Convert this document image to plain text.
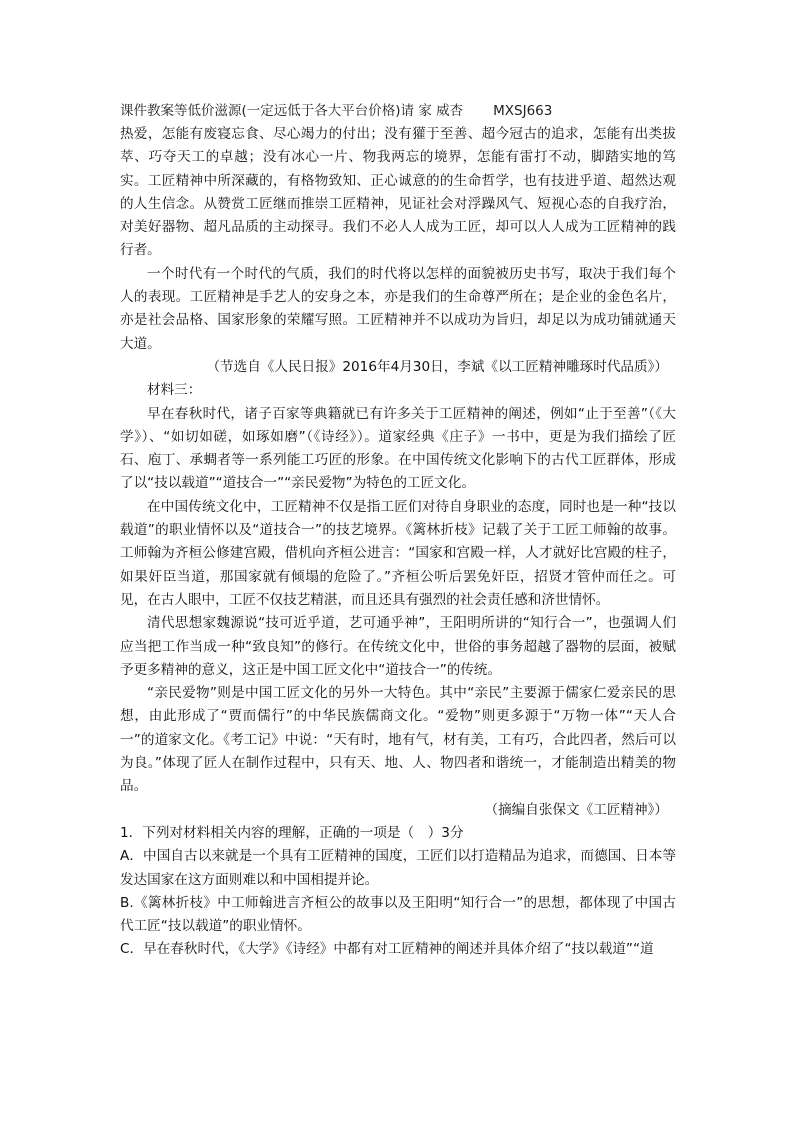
课件教案等低价滋源(一定远低于各大平台价格)请 家 威杏 MXSJ663

热爱，怎能有废寝忘食、尽心竭力的付出；没有獾于至善、超今冠古的追求，怎能有出类拔萃、巧夺天工的卓越；没有冰心一片、物我两忘的境界，怎能有雷打不动，脚踏实地的笃实。工匠精神中所深藏的，有格物致知、正心诚意的的生命哲学，也有技进乎道、超然达观的人生信念。从赞赏工匠继而推崇工匠精神，见证社会对浮躁风气、短视心态的自我疗治，对美好器物、超凡品质的主动探寻。我们不必人人成为工匠，却可以人人成为工匠精神的践行者。

一个时代有一个时代的气质，我们的时代将以怎样的面貌被历史书写，取决于我们每个人的表现。工匠精神是手艺人的安身之本，亦是我们的生命尊严所在；是企业的金色名片，亦是社会品格、国家形象的荣耀写照。工匠精神并不以成功为旨归，却足以为成功铺就通天大道。

（节选自《人民日报》2016年4月30日，李斌《以工匠精神雕琢时代品质》）

材料三：

早在春秋时代，诸子百家等典籍就已有许多关于工匠精神的阐述，例如“止于至善”（《大学》）、“如切如磋，如琢如磨”（《诗经》）。道家经典《庄子》一书中，更是为我们描绘了匠石、庖丁、承蜩者等一系列能工巧匠的形象。在中国传统文化影响下的古代工匠群体，形成了以“技以载道”“道技合一”“亲民爱物”为特色的工匠文化。

在中国传统文化中，工匠精神不仅是指工匠们对待自身职业的态度，同时也是一种“技以载道”的职业情怀以及“道技合一”的技艺境界。《篱林折枝》记载了关于工匠工师翰的故事。工师翰为齐桓公修建宫殿，借机向齐桓公进言：“国家和宫殿一样，人才就好比宫殿的柱子，如果奸臣当道，那国家就有倾塌的危险了。”齐桓公听后罢免奸臣，招贤才管仲而任之。可见，在古人眼中，工匠不仅技艺精湛，而且还具有强烈的社会责任感和济世情怀。

清代思想家魏源说“技可近乎道，艺可通乎神”，王阳明所讲的“知行合一”，也强调人们应当把工作当成一种“致良知”的修行。在传统文化中，世俗的事务超越了器物的层面，被赋予更多精神的意义，这正是中国工匠文化中“道技合一”的传统。

“亲民爱物”则是中国工匠文化的另外一大特色。其中“亲民”主要源于儒家仁爱亲民的思想，由此形成了“贾而儒行”的中华民族儒商文化。“爱物”则更多源于“万物一体”“天人合一”的道家文化。《考工记》中说：“天有时，地有气，材有美，工有巧，合此四者，然后可以为良。”体现了匠人在制作过程中，只有天、地、人、物四者和谐统一，才能制造出精美的物品。

（摘编自张保文《工匠精神》）

1．下列对材料相关内容的理解，正确的一项是（　）3分

A．中国自古以来就是一个具有工匠精神的国度，工匠们以打造精品为追求，而德国、日本等发达国家在这方面则难以和中国相提并论。

B.《篱林折枝》中工师翰进言齐桓公的故事以及王阳明“知行合一”的思想，都体现了中国古代工匠“技以载道”的职业情怀。

C．早在春秋时代，《大学》《诗经》中都有对工匠精神的阐述并具体介绍了“技以载道”“道
